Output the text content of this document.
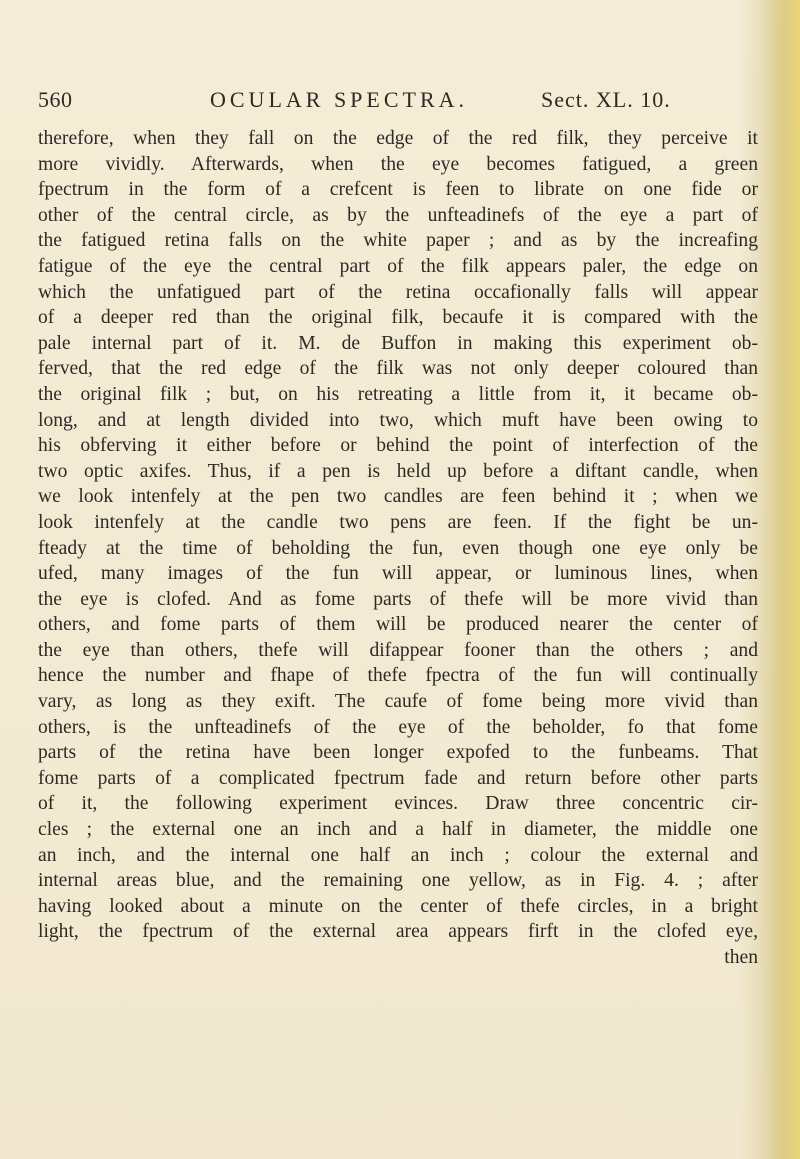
560	OCULAR SPECTRA.	Sect. XL. 10.
therefore, when they fall on the edge of the red filk, they perceive it
more vividly. Afterwards, when the eye becomes fatigued, a green
fpectrum in the form of a crefcent is feen to librate on one fide or
other of the central circle, as by the unfteadinefs of the eye a part of
the fatigued retina falls on the white paper ; and as by the increafing
fatigue of the eye the central part of the filk appears paler, the edge on
which the unfatigued part of the retina occafionally falls will appear
of a deeper red than the original filk, becaufe it is compared with the
pale internal part of it. M. de Buffon in making this experiment ob-
ferved, that the red edge of the filk was not only deeper coloured than
the original filk ; but, on his retreating a little from it, it became ob-
long, and at length divided into two, which muft have been owing to
his obferving it either before or behind the point of interfection of the
two optic axifes. Thus, if a pen is held up before a diftant candle, when
we look intenfely at the pen two candles are feen behind it ; when we
look intenfely at the candle two pens are feen. If the fight be un-
fteady at the time of beholding the fun, even though one eye only be
ufed, many images of the fun will appear, or luminous lines, when
the eye is clofed. And as fome parts of thefe will be more vivid than
others, and fome parts of them will be produced nearer the center of
the eye than others, thefe will difappear fooner than the others ; and
hence the number and fhape of thefe fpectra of the fun will continually
vary, as long as they exift. The caufe of fome being more vivid than
others, is the unfteadinefs of the eye of the beholder, fo that fome
parts of the retina have been longer expofed to the funbeams. That
fome parts of a complicated fpectrum fade and return before other parts
of it, the following experiment evinces. Draw three concentric cir-
cles ; the external one an inch and a half in diameter, the middle one
an inch, and the internal one half an inch ; colour the external and
internal areas blue, and the remaining one yellow, as in Fig. 4. ; after
having looked about a minute on the center of thefe circles, in a bright
light, the fpectrum of the external area appears firft in the clofed eye,
then
